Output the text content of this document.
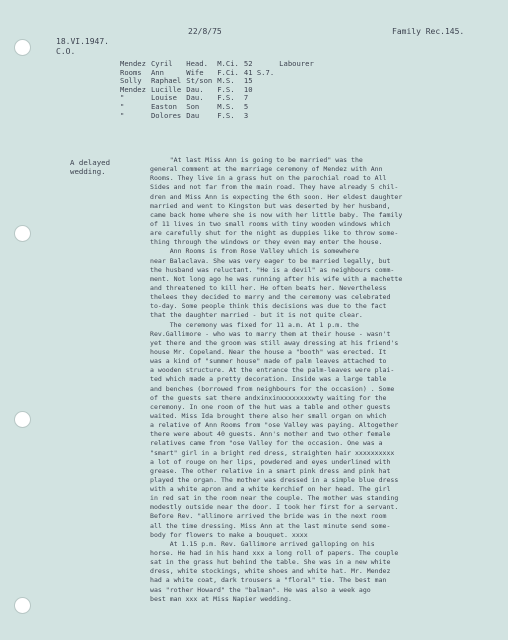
22/8/75	Family Rec.145.
18.VI.1947.
C.O.
Mendez	Cyril	Head.	M.Ci.	52	Labourer
Rooms	Ann	Wife	F.Ci.	41 S.7.	
Solly	Raphael	St/son	M.S.	15	
Mendez	Lucille	Dau.	F.S.	10	
"	Louise	Dau.	F.S.	7	
"	Easton	Son	M.S.	5	
"	Dolores	Dau	F.S.	3	
A delayed
wedding.
"At last Miss Ann is going to be married" was the
general comment at the marriage ceremony of Mendez with Ann
Rooms. They live in a grass hut on the parochial road to All
Sides and not far from the main road. They have already 5 chil-
dren and Miss Ann is expecting the 6th soon. Her eldest daughter
married and went to Kingston but was deserted by her husband,
came back home where she is now with her little baby. The family
of 11 lives in two small rooms with tiny wooden windows which
are carefully shut for the night as duppies like to throw some-
thing through the windows or they even may enter the house.
Ann Rooms is from Rose Valley which is somewhere
near Balaclava. She was very eager to be married legally, but
the husband was reluctant. "He is a devil" as neighbours comm-
ment. Not long ago he was running after his wife with a machette
and threatened to kill her. He often beats her. Nevertheless
thelees they decided to marry and the ceremony was celebrated
to-day. Some people think this decisions was due to the fact
that the daughter married - but it is not quite clear.
The ceremony was fixed for 11 a.m. At 1 p.m. the
Rev.Gallimore - who was to marry them at their house - wasn't
yet there and the groom was still away dressing at his friend's
house Mr. Copeland. Near the house a "booth" was erected. It
was a kind of "summer house" made of palm leaves attached to
a wooden structure. At the entrance the palm-leaves were plai-
ted which made a pretty decoration. Inside was a large table
and benches (borrowed from neighbours for the occasion) . Some
of the guests sat there andxinxinxxxxxxxxwty waiting for the
ceremony. In one room of the hut was a table and other guests
waited. Miss Ida brought there also her small organ on which
a relative of Ann Rooms from "ose Valley was paying. Altogether
there were about 40 guests. Ann's mother and two other female
relatives came from "ose Valley for the occasion. One was a
"smart" girl in a bright red dress, straighten hair xxxxxxxxxx
a lot of rouge on her lips, powdered and eyes underlined with
grease. The other relative in a smart pink dress and pink hat
played the organ. The mother was dressed in a simple blue dress
with a white apron and a white kerchief on her head. The girl
in red sat in the room near the couple. The mother was standing
modestly outside near the door. I took her first for a servant.
Before Rev. "allimore arrived the bride was in the next room
all the time dressing. Miss Ann at the last minute send some-
body for flowers to make a bouquet. xxxx
At 1.15 p.m. Rev. Gallimore arrived galloping on his
horse. He had in his hand xxx a long roll of papers. The couple
sat in the grass hut behind the table. She was in a new white
dress, white stockings, white shoes and white hat. Mr. Mendez
had a white coat, dark trousers a "floral" tie. The best man
was "rother Howard" the "balman". He was also a week ago
best man xxx at Miss Napier wedding.
